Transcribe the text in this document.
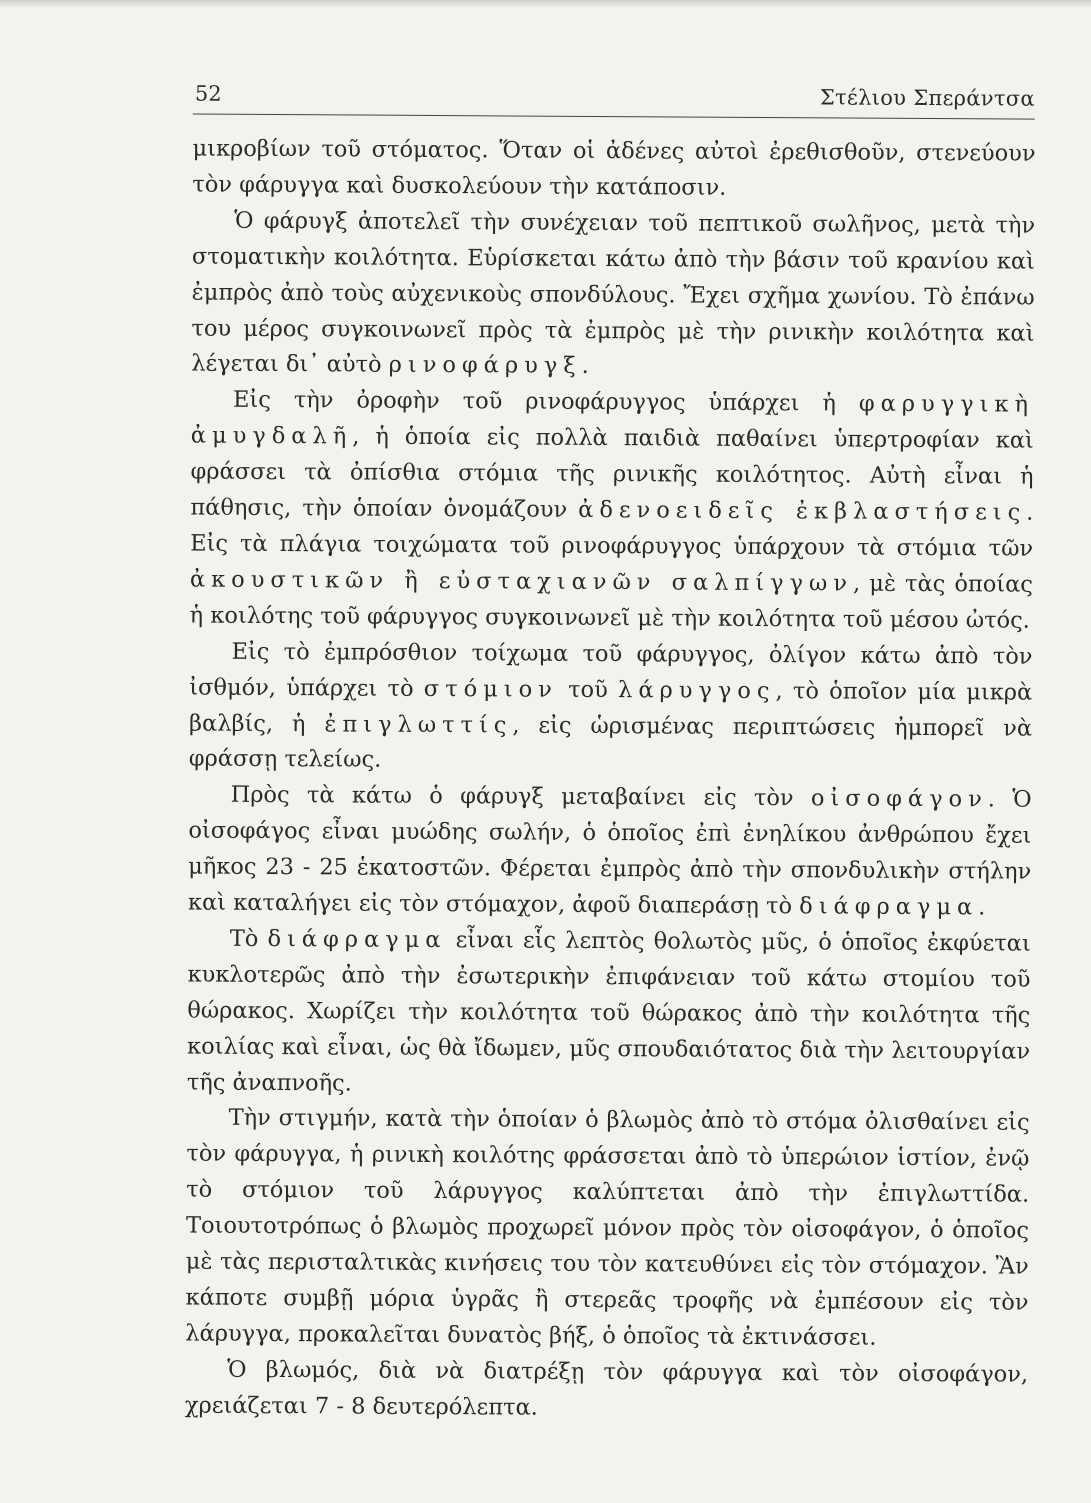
52	Στέλιου Σπεράντσα

μικροβίων τοῦ στόματος. Ὅταν οἱ ἀδένες αὐτοὶ ἐρεθισθοῦν, στενεύουν τὸν φάρυγγα καὶ δυσκολεύουν τὴν κατάποσιν.

Ὁ φάρυγξ ἀποτελεῖ τὴν συνέχειαν τοῦ πεπτικοῦ σωλῆνος, μετὰ τὴν στοματικὴν κοιλότητα. Εὑρίσκεται κάτω ἀπὸ τὴν βάσιν τοῦ κρανίου καὶ ἐμπρὸς ἀπὸ τοὺς αὐχενικοὺς σπονδύλους. Ἔχει σχῆμα χωνίου. Τὸ ἐπάνω του μέρος συγκοινωνεῖ πρὸς τὰ ἐμπρὸς μὲ τὴν ρινικὴν κοιλότητα καὶ λέγεται δι᾿ αὐτὸ ρινοφάρυγξ.

Εἰς τὴν ὀροφὴν τοῦ ρινοφάρυγγος ὑπάρχει ἡ φαρυγγικὴ ἀμυγδαλῆ, ἡ ὁποία εἰς πολλὰ παιδιὰ παθαίνει ὑπερτροφίαν καὶ φράσσει τὰ ὀπίσθια στόμια τῆς ρινικῆς κοιλότητος. Αὐτὴ εἶναι ἡ πάθησις, τὴν ὁποίαν ὀνομάζουν ἀδενοειδεῖς ἐκβλαστήσεις. Εἰς τὰ πλάγια τοιχώματα τοῦ ρινοφάρυγγος ὑπάρχουν τὰ στόμια τῶν ἀκουστικῶν ἢ εὐσταχιανῶν σαλπίγγων, μὲ τὰς ὁποίας ἡ κοιλότης τοῦ φάρυγγος συγκοινωνεῖ μὲ τὴν κοιλότητα τοῦ μέσου ὠτός.

Εἰς τὸ ἐμπρόσθιον τοίχωμα τοῦ φάρυγγος, ὀλίγον κάτω ἀπὸ τὸν ἰσθμόν, ὑπάρχει τὸ στόμιον τοῦ λάρυγγος, τὸ ὁποῖον μία μικρὰ βαλβίς, ἡ ἐπιγλωττίς, εἰς ὡρισμένας περιπτώσεις ἠμπορεῖ νὰ φράσσῃ τελείως.

Πρὸς τὰ κάτω ὁ φάρυγξ μεταβαίνει εἰς τὸν οἰσοφάγον. Ὁ οἰσοφάγος εἶναι μυώδης σωλήν, ὁ ὁποῖος ἐπὶ ἐνηλίκου ἀνθρώπου ἔχει μῆκος 23 - 25 ἑκατοστῶν. Φέρεται ἐμπρὸς ἀπὸ τὴν σπονδυλικὴν στήλην καὶ καταλήγει εἰς τὸν στόμαχον, ἀφοῦ διαπεράσῃ τὸ διάφραγμα.

Τὸ διάφραγμα εἶναι εἷς λεπτὸς θολωτὸς μῦς, ὁ ὁποῖος ἐκφύεται κυκλοτερῶς ἀπὸ τὴν ἐσωτερικὴν ἐπιφάνειαν τοῦ κάτω στομίου τοῦ θώρακος. Χωρίζει τὴν κοιλότητα τοῦ θώρακος ἀπὸ τὴν κοιλότητα τῆς κοιλίας καὶ εἶναι, ὡς θὰ ἴδωμεν, μῦς σπουδαιότατος διὰ τὴν λειτουργίαν τῆς ἀναπνοῆς.

Τὴν στιγμήν, κατὰ τὴν ὁποίαν ὁ βλωμὸς ἀπὸ τὸ στόμα ὀλισθαίνει εἰς τὸν φάρυγγα, ἡ ρινικὴ κοιλότης φράσσεται ἀπὸ τὸ ὑπερώιον ἱστίον, ἐνῷ τὸ στόμιον τοῦ λάρυγγος καλύπτεται ἀπὸ τὴν ἐπιγλωττίδα. Τοιουτοτρόπως ὁ βλωμὸς προχωρεῖ μόνον πρὸς τὸν οἰσοφάγον, ὁ ὁποῖος μὲ τὰς περισταλτικὰς κινήσεις του τὸν κατευθύνει εἰς τὸν στόμαχον. Ἂν κάποτε συμβῇ μόρια ὑγρᾶς ἢ στερεᾶς τροφῆς νὰ ἐμπέσουν εἰς τὸν λάρυγγα, προκαλεῖται δυνατὸς βήξ, ὁ ὁποῖος τὰ ἐκτινάσσει.

Ὁ βλωμός, διὰ νὰ διατρέξῃ τὸν φάρυγγα καὶ τὸν οἰσοφάγον, χρειάζεται 7 - 8 δευτερόλεπτα.
